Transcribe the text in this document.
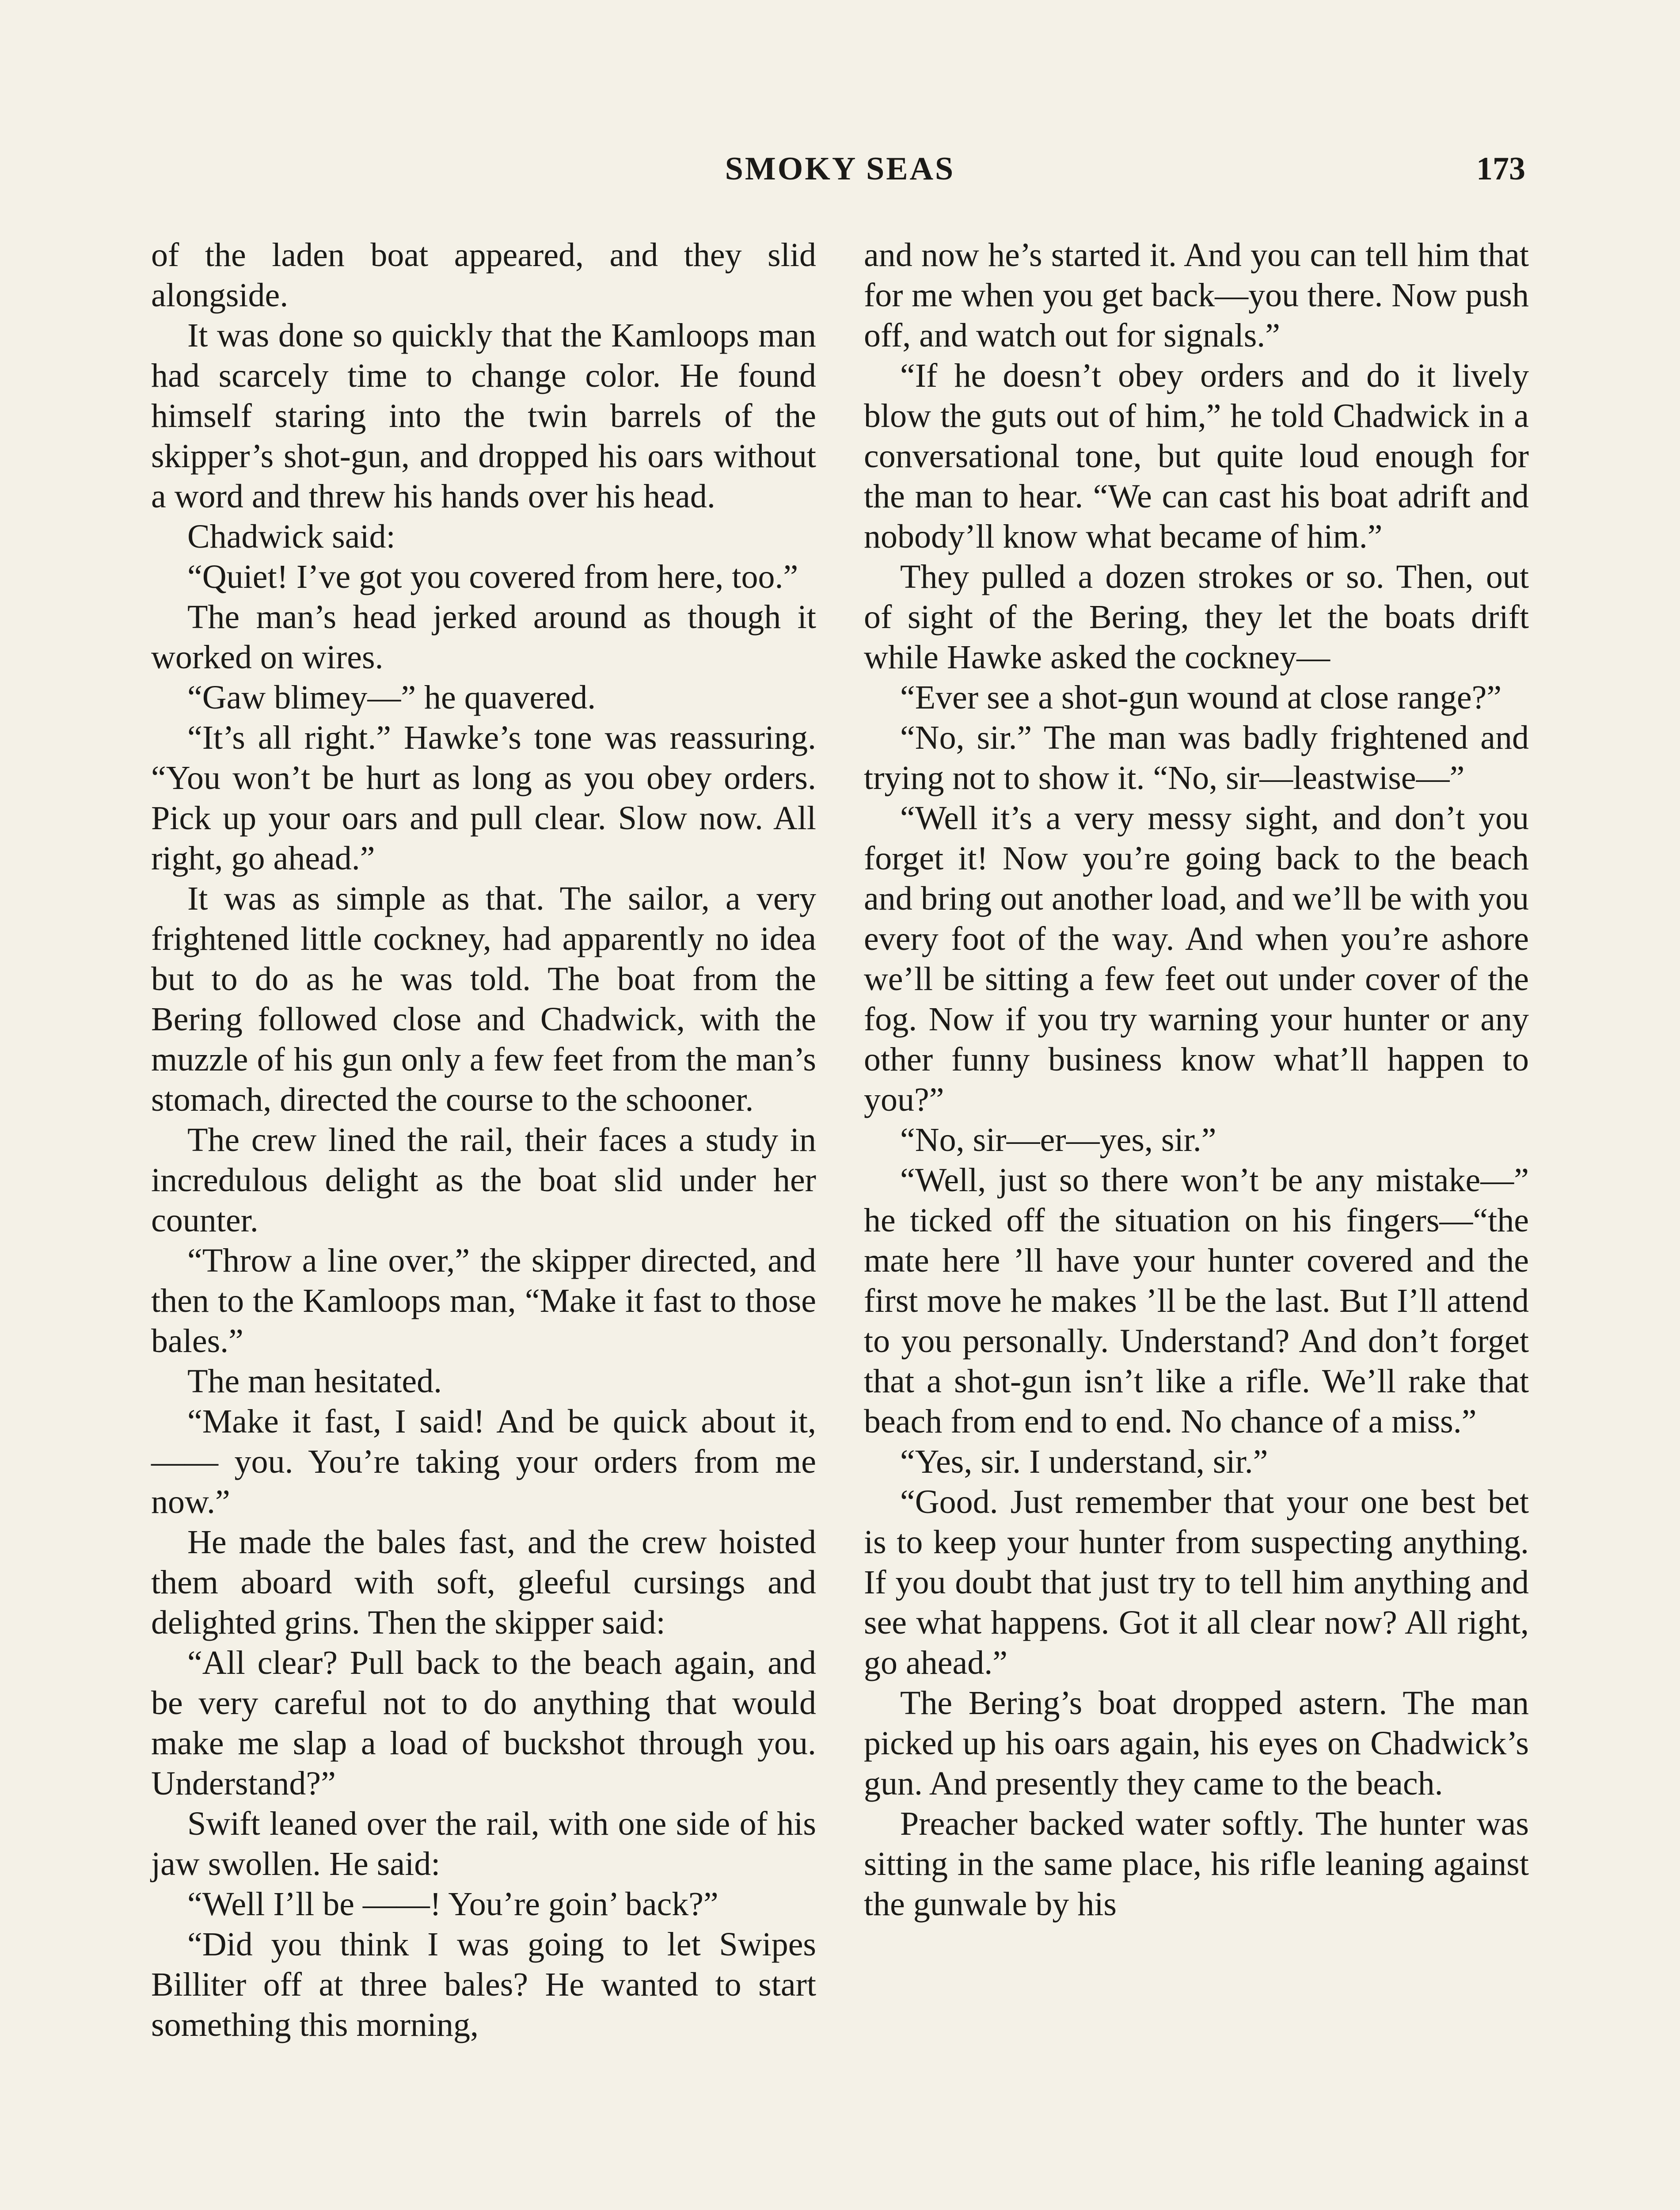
SMOKY SEAS	173

of the laden boat appeared, and they slid alongside.

It was done so quickly that the Kamloops man had scarcely time to change color. He found himself staring into the twin barrels of the skipper’s shot-gun, and dropped his oars without a word and threw his hands over his head.

Chadwick said:

“Quiet! I’ve got you covered from here, too.”

The man’s head jerked around as though it worked on wires.

“Gaw blimey—” he quavered.

“It’s all right.” Hawke’s tone was reassuring. “You won’t be hurt as long as you obey orders. Pick up your oars and pull clear. Slow now. All right, go ahead.”

It was as simple as that. The sailor, a very frightened little cockney, had apparently no idea but to do as he was told. The boat from the Bering followed close and Chadwick, with the muzzle of his gun only a few feet from the man’s stomach, directed the course to the schooner.

The crew lined the rail, their faces a study in incredulous delight as the boat slid under her counter.

“Throw a line over,” the skipper directed, and then to the Kamloops man, “Make it fast to those bales.”

The man hesitated.

“Make it fast, I said! And be quick about it, —— you. You’re taking your orders from me now.”

He made the bales fast, and the crew hoisted them aboard with soft, gleeful cursings and delighted grins. Then the skipper said:

“All clear? Pull back to the beach again, and be very careful not to do anything that would make me slap a load of buckshot through you. Understand?”

Swift leaned over the rail, with one side of his jaw swollen. He said:

“Well I’ll be ——! You’re goin’ back?”

“Did you think I was going to let Swipes Billiter off at three bales? He wanted to start something this morning,

and now he’s started it. And you can tell him that for me when you get back—you there. Now push off, and watch out for signals.”

“If he doesn’t obey orders and do it lively blow the guts out of him,” he told Chadwick in a conversational tone, but quite loud enough for the man to hear. “We can cast his boat adrift and nobody’ll know what became of him.”

They pulled a dozen strokes or so. Then, out of sight of the Bering, they let the boats drift while Hawke asked the cockney—

“Ever see a shot-gun wound at close range?”

“No, sir.” The man was badly frightened and trying not to show it. “No, sir—leastwise—”

“Well it’s a very messy sight, and don’t you forget it! Now you’re going back to the beach and bring out another load, and we’ll be with you every foot of the way. And when you’re ashore we’ll be sitting a few feet out under cover of the fog. Now if you try warning your hunter or any other funny business know what’ll happen to you?”

“No, sir—er—yes, sir.”

“Well, just so there won’t be any mistake—” he ticked off the situation on his fingers—“the mate here ’ll have your hunter covered and the first move he makes ’ll be the last. But I’ll attend to you personally. Understand? And don’t forget that a shot-gun isn’t like a rifle. We’ll rake that beach from end to end. No chance of a miss.”

“Yes, sir. I understand, sir.”

“Good. Just remember that your one best bet is to keep your hunter from suspecting anything. If you doubt that just try to tell him anything and see what happens. Got it all clear now? All right, go ahead.”

The Bering’s boat dropped astern. The man picked up his oars again, his eyes on Chadwick’s gun. And presently they came to the beach.

Preacher backed water softly. The hunter was sitting in the same place, his rifle leaning against the gunwale by his
